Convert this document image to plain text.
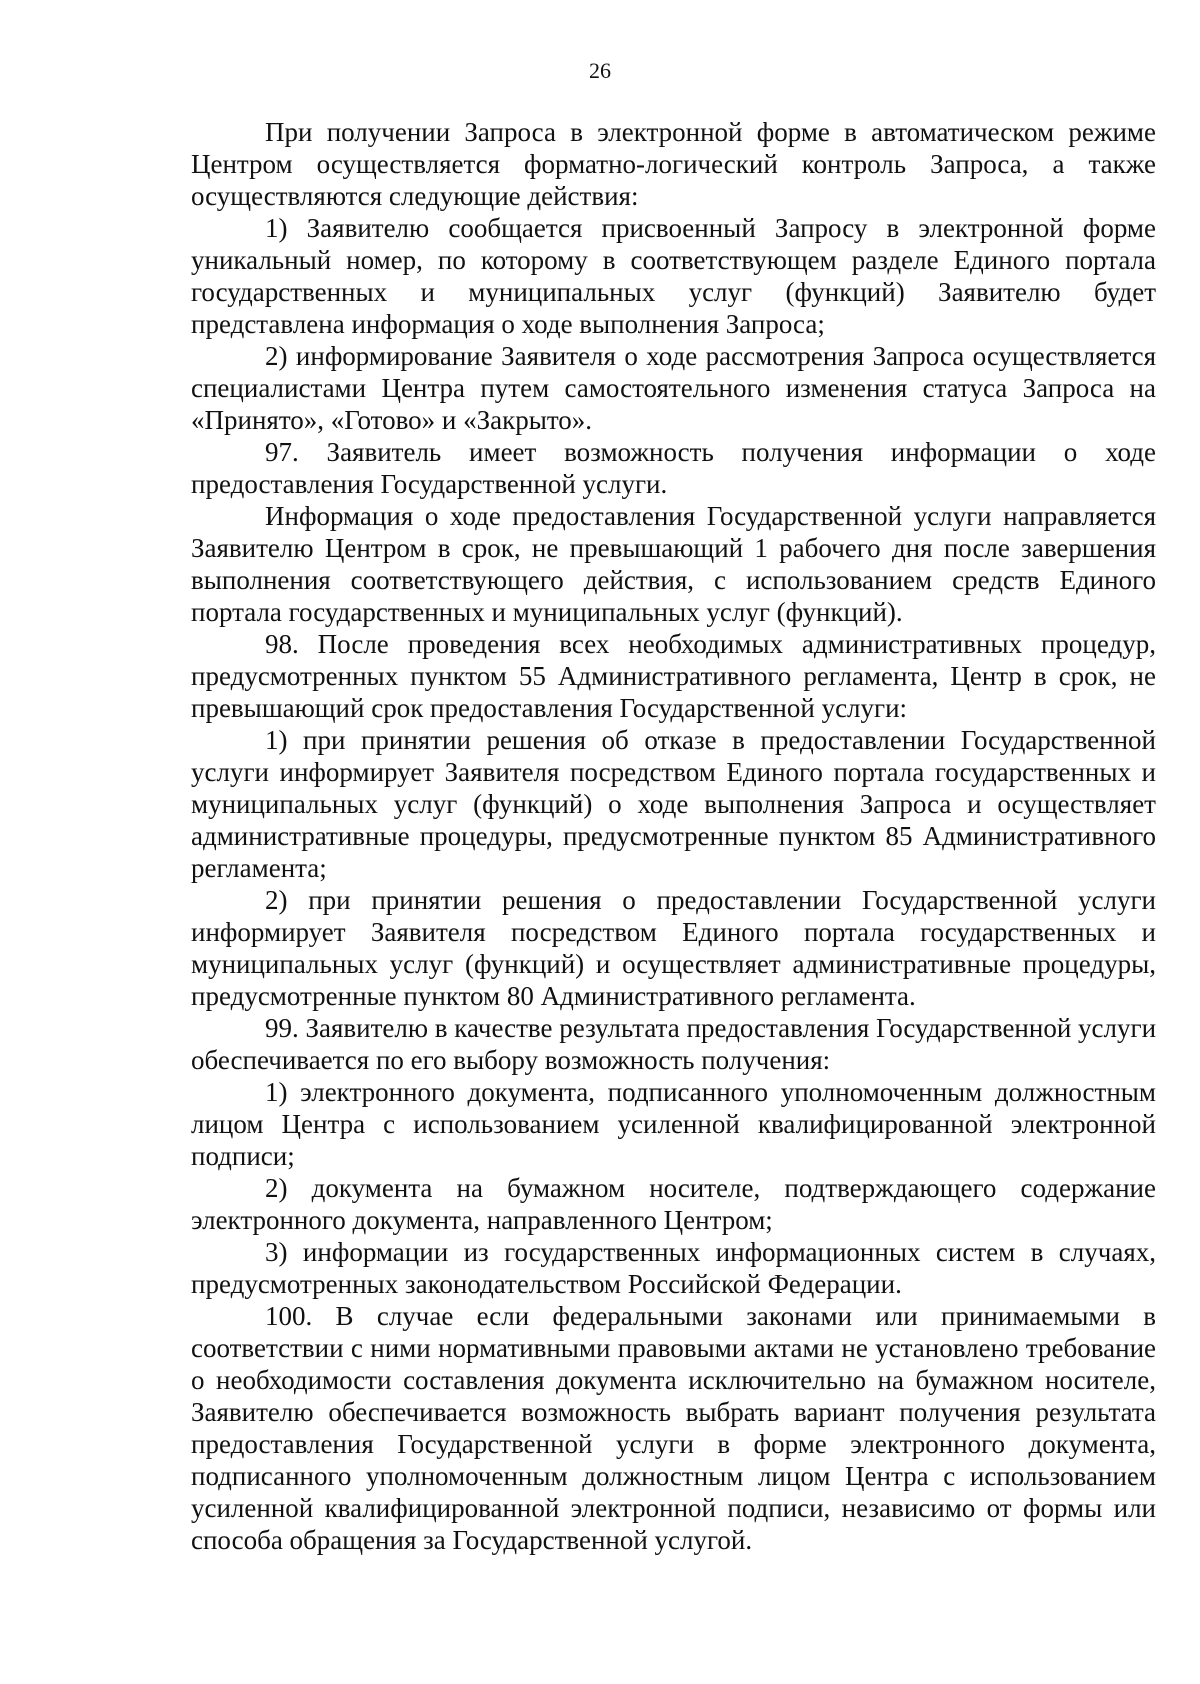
26

При получении Запроса в электронной форме в автоматическом режиме Центром осуществляется форматно-логический контроль Запроса, а также осуществляются следующие действия:

1) Заявителю сообщается присвоенный Запросу в электронной форме уникальный номер, по которому в соответствующем разделе Единого портала государственных и муниципальных услуг (функций) Заявителю будет представлена информация о ходе выполнения Запроса;

2) информирование Заявителя о ходе рассмотрения Запроса осуществляется специалистами Центра путем самостоятельного изменения статуса Запроса на «Принято», «Готово» и «Закрыто».

97. Заявитель имеет возможность получения информации о ходе предоставления Государственной услуги.

Информация о ходе предоставления Государственной услуги направляется Заявителю Центром в срок, не превышающий 1 рабочего дня после завершения выполнения соответствующего действия, с использованием средств Единого портала государственных и муниципальных услуг (функций).

98. После проведения всех необходимых административных процедур, предусмотренных пунктом 55 Административного регламента, Центр в срок, не превышающий срок предоставления Государственной услуги:

1) при принятии решения об отказе в предоставлении Государственной услуги информирует Заявителя посредством Единого портала государственных и муниципальных услуг (функций) о ходе выполнения Запроса и осуществляет административные процедуры, предусмотренные пунктом 85 Административного регламента;

2) при принятии решения о предоставлении Государственной услуги информирует Заявителя посредством Единого портала государственных и муниципальных услуг (функций) и осуществляет административные процедуры, предусмотренные пунктом 80 Административного регламента.

99. Заявителю в качестве результата предоставления Государственной услуги обеспечивается по его выбору возможность получения:

1) электронного документа, подписанного уполномоченным должностным лицом Центра с использованием усиленной квалифицированной электронной подписи;

2) документа на бумажном носителе, подтверждающего содержание электронного документа, направленного Центром;

3) информации из государственных информационных систем в случаях, предусмотренных законодательством Российской Федерации.

100. В случае если федеральными законами или принимаемыми в соответствии с ними нормативными правовыми актами не установлено требование о необходимости составления документа исключительно на бумажном носителе, Заявителю обеспечивается возможность выбрать вариант получения результата предоставления Государственной услуги в форме электронного документа, подписанного уполномоченным должностным лицом Центра с использованием усиленной квалифицированной электронной подписи, независимо от формы или способа обращения за Государственной услугой.
